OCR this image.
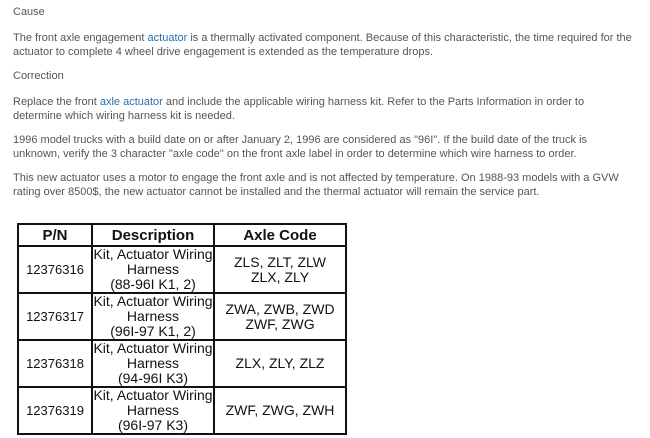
Cause

The front axle engagement actuator is a thermally activated component. Because of this characteristic, the time required for the actuator to complete 4 wheel drive engagement is extended as the temperature drops.

Correction

Replace the front axle actuator and include the applicable wiring harness kit. Refer to the Parts Information in order to determine which wiring harness kit is needed.

1996 model trucks with a build date on or after January 2, 1996 are considered as "96I". If the build date of the truck is unknown, verify the 3 character "axle code" on the front axle label in order to determine which wire harness to order.

This new actuator uses a motor to engage the front axle and is not affected by temperature. On 1988-93 models with a GVW rating over 8500$, the new actuator cannot be installed and the thermal actuator will remain the service part.

P/N	Description	Axle Code
12376316	Kit, Actuator Wiring
Harness
(88-96I K1, 2)	ZLS, ZLT, ZLW
ZLX, ZLY

12376317	Kit, Actuator Wiring
Harness
(96I-97 K1, 2)	ZWA, ZWB, ZWD
ZWF, ZWG

12376318	Kit, Actuator Wiring
Harness
(94-96I K3)	ZLX, ZLY, ZLZ

12376319	Kit, Actuator Wiring
Harness
(96I-97 K3)	ZWF, ZWG, ZWH
